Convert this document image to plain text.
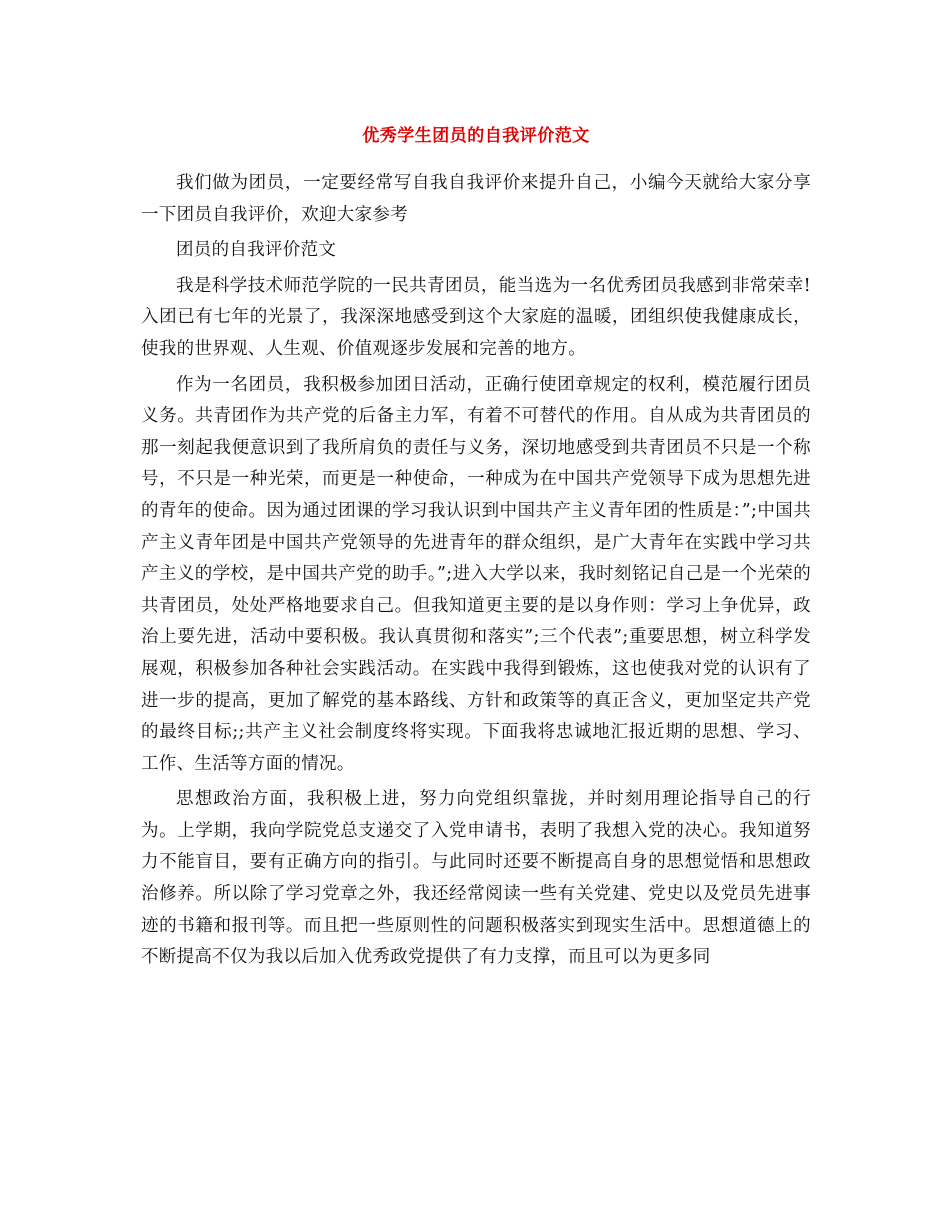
优秀学生团员的自我评价范文

我们做为团员，一定要经常写自我自我评价来提升自己，小编今天就给大家分享一下团员自我评价，欢迎大家参考

团员的自我评价范文

我是科学技术师范学院的一民共青团员，能当选为一名优秀团员我感到非常荣幸!入团已有七年的光景了，我深深地感受到这个大家庭的温暖，团组织使我健康成长，使我的世界观、人生观、价值观逐步发展和完善的地方。

作为一名团员，我积极参加团日活动，正确行使团章规定的权利，模范履行团员义务。共青团作为共产党的后备主力军，有着不可替代的作用。自从成为共青团员的那一刻起我便意识到了我所肩负的责任与义务，深切地感受到共青团员不只是一个称号，不只是一种光荣，而更是一种使命，一种成为在中国共产党领导下成为思想先进的青年的使命。因为通过团课的学习我认识到中国共产主义青年团的性质是：”;中国共产主义青年团是中国共产党领导的先进青年的群众组织，是广大青年在实践中学习共产主义的学校，是中国共产党的助手。”;进入大学以来，我时刻铭记自己是一个光荣的共青团员，处处严格地要求自己。但我知道更主要的是以身作则：学习上争优异，政治上要先进，活动中要积极。我认真贯彻和落实”;三个代表”;重要思想，树立科学发展观，积极参加各种社会实践活动。在实践中我得到锻炼，这也使我对党的认识有了进一步的提高，更加了解党的基本路线、方针和政策等的真正含义，更加坚定共产党的最终目标;;共产主义社会制度终将实现。下面我将忠诚地汇报近期的思想、学习、工作、生活等方面的情况。

思想政治方面，我积极上进，努力向党组织靠拢，并时刻用理论指导自己的行为。上学期，我向学院党总支递交了入党申请书，表明了我想入党的决心。我知道努力不能盲目，要有正确方向的指引。与此同时还要不断提高自身的思想觉悟和思想政治修养。所以除了学习党章之外，我还经常阅读一些有关党建、党史以及党员先进事迹的书籍和报刊等。而且把一些原则性的问题积极落实到现实生活中。思想道德上的不断提高不仅为我以后加入优秀政党提供了有力支撑，而且可以为更多同
